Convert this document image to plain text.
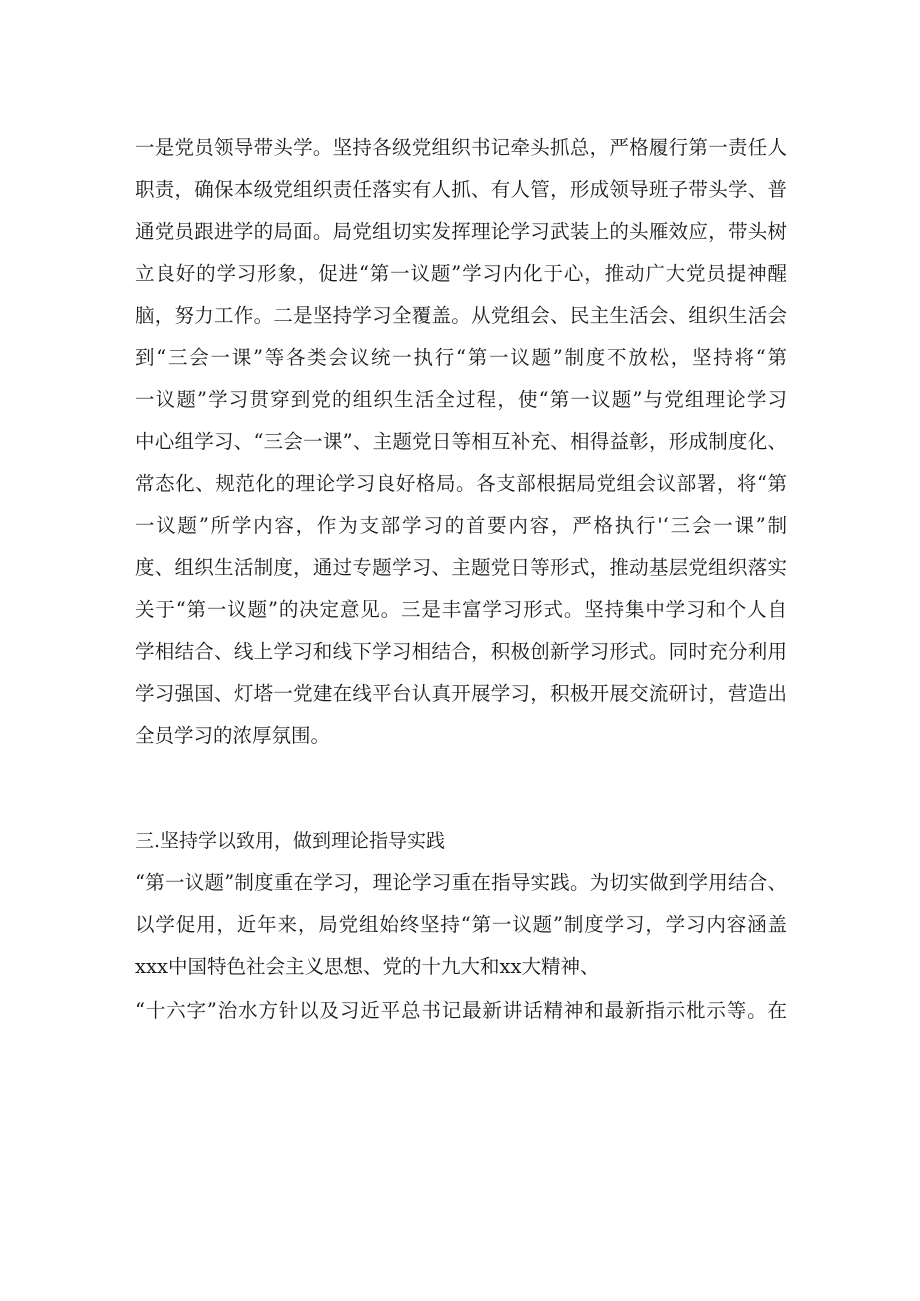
一是党员领导带头学。坚持各级党组织书记牵头抓总，严格履行第一责任人
职责，确保本级党组织责任落实有人抓、有人管，形成领导班子带头学、普
通党员跟进学的局面。局党组切实发挥理论学习武装上的头雁效应，带头树
立良好的学习形象，促进“第一议题”学习内化于心，推动广大党员提神醒
脑，努力工作。二是坚持学习全覆盖。从党组会、民主生活会、组织生活会
到“三会一课”等各类会议统一执行“第一议题”制度不放松，坚持将“第
一议题”学习贯穿到党的组织生活全过程，使“第一议题”与党组理论学习
中心组学习、“三会一课”、主题党日等相互补充、相得益彰，形成制度化、
常态化、规范化的理论学习良好格局。各支部根据局党组会议部署，将“第
一议题”所学内容，作为支部学习的首要内容，严格执行'‘三会一课”制
度、组织生活制度，通过专题学习、主题党日等形式，推动基层党组织落实
关于“第一议题”的决定意见。三是丰富学习形式。坚持集中学习和个人自
学相结合、线上学习和线下学习相结合，积极创新学习形式。同时充分利用
学习强国、灯塔一党建在线平台认真开展学习，积极开展交流研讨，营造出
全员学习的浓厚氛围。
三.坚持学以致用，做到理论指导实践
“第一议题”制度重在学习，理论学习重在指导实践。为切实做到学用结合、
以学促用，近年来，局党组始终坚持“第一议题”制度学习，学习内容涵盖
xxx中国特色社会主义思想、党的十九大和xx大精神、
“十六字”治水方针以及习近平总书记最新讲话精神和最新指示枇示等。在
